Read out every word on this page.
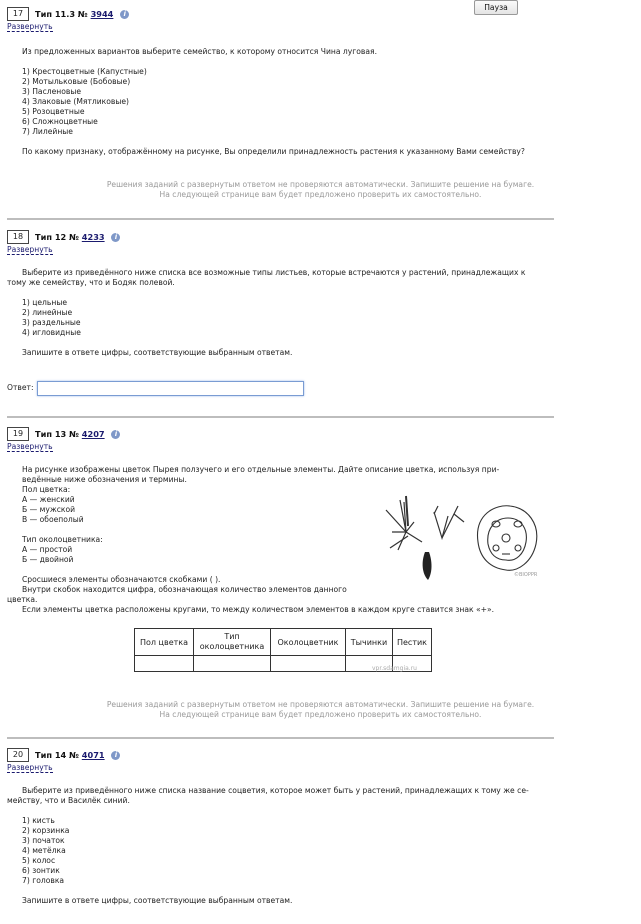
Пауза
17	Тип 11.3 № 3944 i
Развернуть
Из предложенных вариантов выберите семейство, к которому относится Чина луговая.
1) Крестоцветные (Капустные)
2) Мотыльковые (Бобовые)
3) Пасленовые
4) Злаковые (Мятликовые)
5) Розоцветные
6) Сложноцветные
7) Лилейные
По какому признаку, отображённому на рисунке, Вы определили принадлежность растения к указанному Вами семейству?
Решения заданий с развернутым ответом не проверяются автоматически. Запишите решение на бумаге.
На следующей странице вам будет предложено проверить их самостоятельно.
18	Тип 12 № 4233 i
Развернуть
Выберите из приведённого ниже списка все возможные типы листьев, которые встречаются у растений, принадлежащих к
тому же семейству, что и Бодяк полевой.
1) цельные
2) линейные
3) раздельные
4) игловидные
Запишите в ответе цифры, соответствующие выбранным ответам.
Ответ:
19	Тип 13 № 4207 i
Развернуть
На рисунке изображены цветок Пырея ползучего и его отдельные элементы. Дайте описание цветка, используя при-
ведённые ниже обозначения и термины.
Пол цветка:
А — женский
Б — мужской
В — обоеполый
Тип околоцветника:
А — простой
Б — двойной
Сросшиеся элементы обозначаются скобками ( ).
Внутри скобок находится цифра, обозначающая количество элементов данного
цветка.
Если элементы цветка расположены кругами, то между количеством элементов в каждом круге ставится знак «+».
©BIOPPR
Пол цветка	Тип околоцветника	Околоцветник	Тычинки	Пестик

vpr.sdamgia.ru
Решения заданий с развернутым ответом не проверяются автоматически. Запишите решение на бумаге.
На следующей странице вам будет предложено проверить их самостоятельно.
20	Тип 14 № 4071 i
Развернуть
Выберите из приведённого ниже списка название соцветия, которое может быть у растений, принадлежащих к тому же се-
мейству, что и Василёк синий.
1) кисть
2) корзинка
3) початок
4) метёлка
5) колос
6) зонтик
7) головка
Запишите в ответе цифры, соответствующие выбранным ответам.
